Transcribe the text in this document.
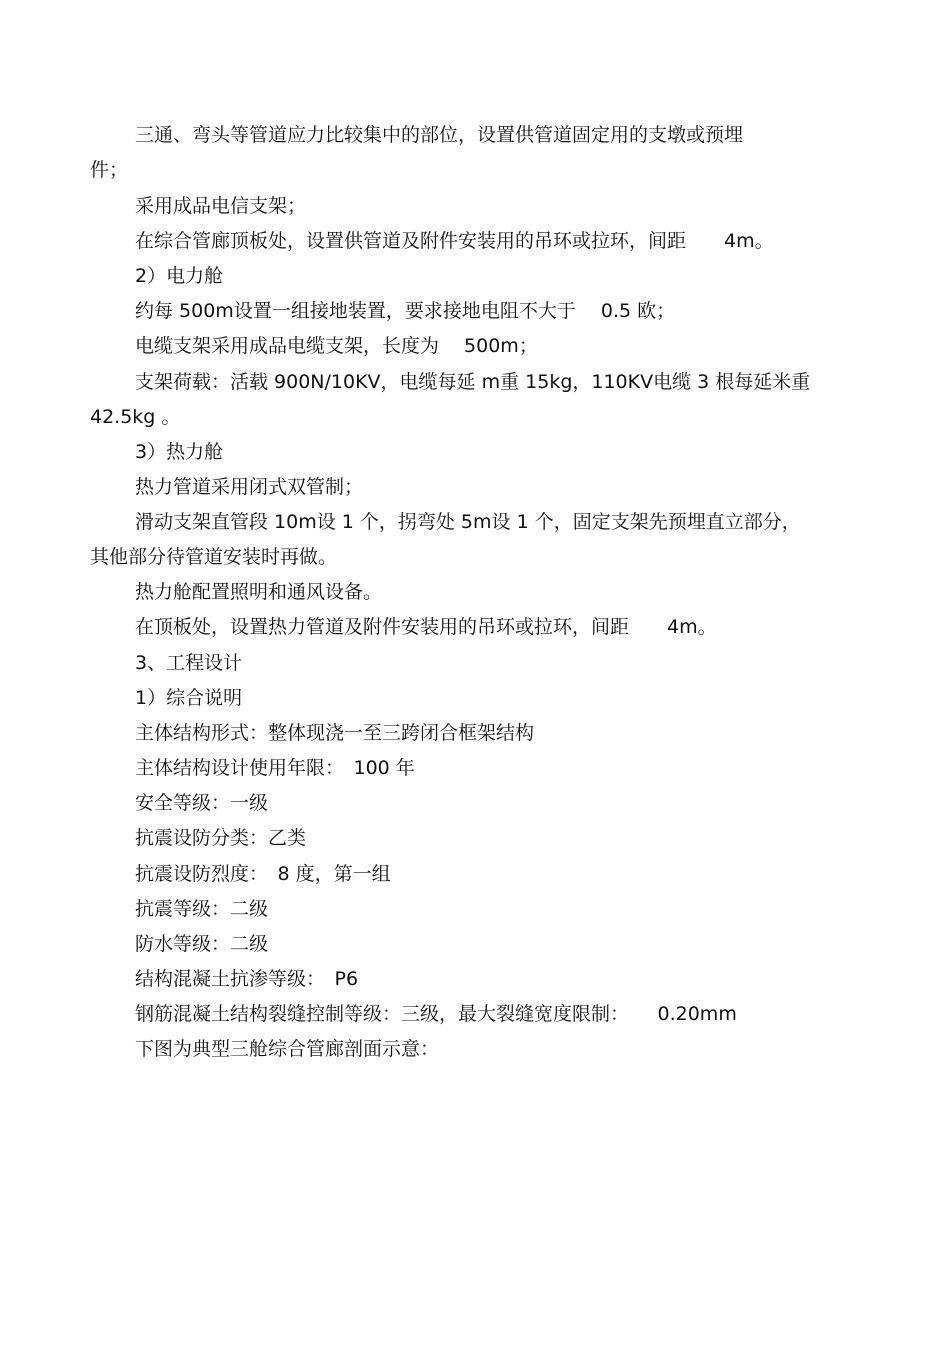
三通、弯头等管道应力比较集中的部位，设置供管道固定用的支墩或预埋
件；
采用成品电信支架；
在综合管廊顶板处，设置供管道及附件安装用的吊环或拉环，间距　　4m。
2）电力舱
约每 500m设置一组接地装置，要求接地电阻不大于　 0.5 欧；
电缆支架采用成品电缆支架，长度为　 500m；
支架荷载：活载 900N/10KV，电缆每延 m重 15kg，110KV电缆 3 根每延米重
42.5kg 。
3）热力舱
热力管道采用闭式双管制；
滑动支架直管段 10m设 1 个，拐弯处 5m设 1 个，固定支架先预埋直立部分，
其他部分待管道安装时再做。
热力舱配置照明和通风设备。
在顶板处，设置热力管道及附件安装用的吊环或拉环，间距　　4m。
3、工程设计
1）综合说明
主体结构形式：整体现浇一至三跨闭合框架结构
主体结构设计使用年限：　100 年
安全等级：一级
抗震设防分类：乙类
抗震设防烈度：　8 度，第一组
抗震等级：二级
防水等级：二级
结构混凝土抗渗等级：　P6
钢筋混凝土结构裂缝控制等级：三级，最大裂缝宽度限制：　　0.20mm
下图为典型三舱综合管廊剖面示意：
